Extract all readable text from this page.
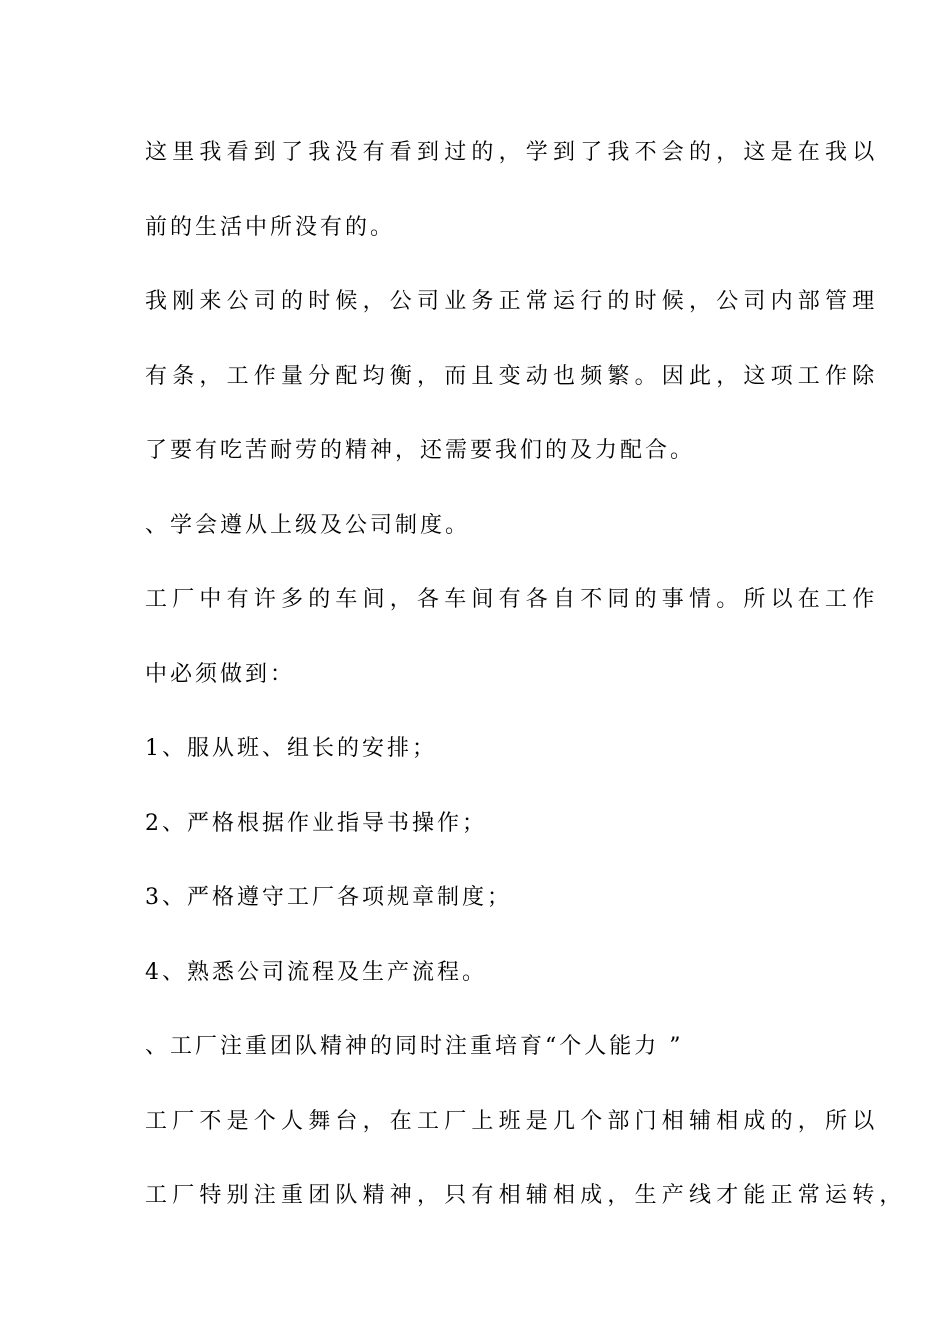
这里我看到了我没有看到过的，学到了我不会的，这是在我以
前的生活中所没有的。
我刚来公司的时候，公司业务正常运行的时候，公司内部管理
有条，工作量分配均衡，而且变动也频繁。因此，这项工作除
了要有吃苦耐劳的精神，还需要我们的及力配合。
、学会遵从上级及公司制度。
工厂中有许多的车间，各车间有各自不同的事情。所以在工作
中必须做到：
1、服从班、组长的安排；
2、严格根据作业指导书操作；
3、严格遵守工厂各项规章制度；
4、熟悉公司流程及生产流程。
、工厂注重团队精神的同时注重培育“个人能力 ”
工厂不是个人舞台，在工厂上班是几个部门相辅相成的，所以
工厂特别注重团队精神，只有相辅相成，生产线才能正常运转，
